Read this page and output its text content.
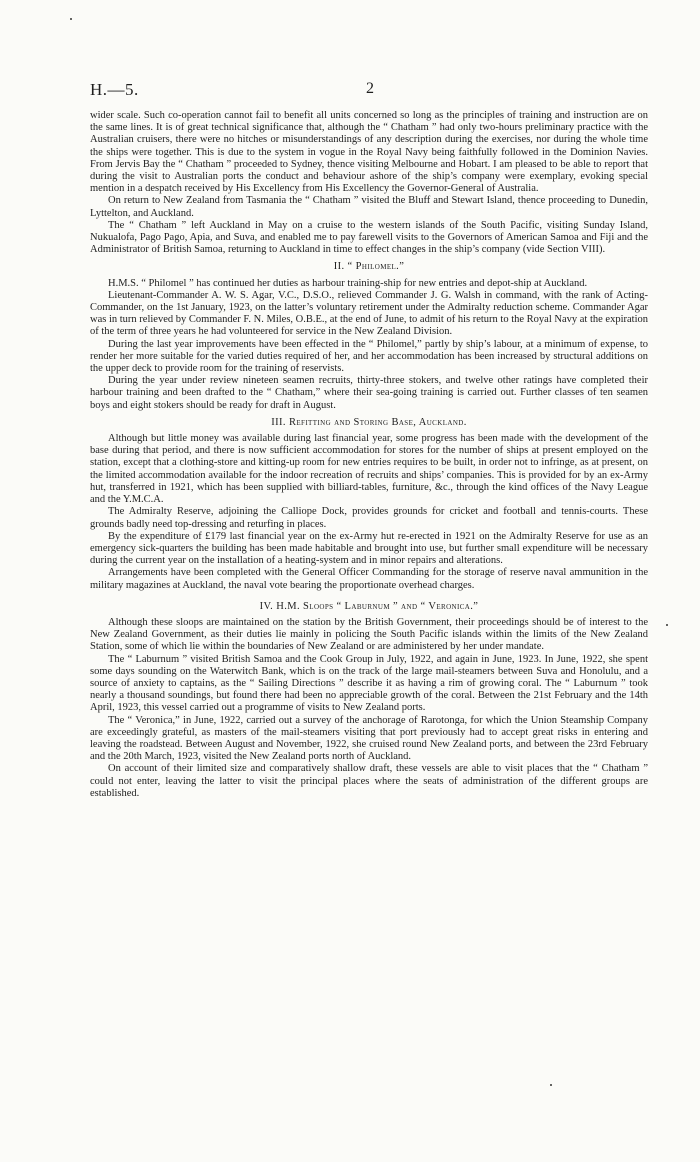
H.—5.	2

wider scale. Such co-operation cannot fail to benefit all units concerned so long as the principles of training and instruction are on the same lines. It is of great technical significance that, although the “ Chatham ” had only two-hours preliminary practice with the Australian cruisers, there were no hitches or misunderstandings of any description during the exercises, nor during the whole time the ships were together. This is due to the system in vogue in the Royal Navy being faithfully followed in the Dominion Navies. From Jervis Bay the “ Chatham ” proceeded to Sydney, thence visiting Melbourne and Hobart. I am pleased to be able to report that during the visit to Australian ports the conduct and behaviour ashore of the ship’s company were exemplary, evoking special mention in a despatch received by His Excellency from His Excellency the Governor-General of Australia.

On return to New Zealand from Tasmania the “ Chatham ” visited the Bluff and Stewart Island, thence proceeding to Dunedin, Lyttelton, and Auckland.

The “ Chatham ” left Auckland in May on a cruise to the western islands of the South Pacific, visiting Sunday Island, Nukualofa, Pago Pago, Apia, and Suva, and enabled me to pay farewell visits to the Governors of American Samoa and Fiji and the Administrator of British Samoa, returning to Auckland in time to effect changes in the ship’s company (vide Section VIII).

II. “ Philomel.”

H.M.S. “ Philomel ” has continued her duties as harbour training-ship for new entries and depot-ship at Auckland.

Lieutenant-Commander A. W. S. Agar, V.C., D.S.O., relieved Commander J. G. Walsh in command, with the rank of Acting-Commander, on the 1st January, 1923, on the latter’s voluntary retirement under the Admiralty reduction scheme. Commander Agar was in turn relieved by Commander F. N. Miles, O.B.E., at the end of June, to admit of his return to the Royal Navy at the expiration of the term of three years he had volunteered for service in the New Zealand Division.

During the last year improvements have been effected in the “ Philomel,” partly by ship’s labour, at a minimum of expense, to render her more suitable for the varied duties required of her, and her accommodation has been increased by structural additions on the upper deck to provide room for the training of reservists.

During the year under review nineteen seamen recruits, thirty-three stokers, and twelve other ratings have completed their harbour training and been drafted to the “ Chatham,” where their sea-going training is carried out. Further classes of ten seamen boys and eight stokers should be ready for draft in August.

III. Refitting and Storing Base, Auckland.

Although but little money was available during last financial year, some progress has been made with the development of the base during that period, and there is now sufficient accommodation for stores for the number of ships at present employed on the station, except that a clothing-store and kitting-up room for new entries requires to be built, in order not to infringe, as at present, on the limited accommodation available for the indoor recreation of recruits and ships’ companies. This is provided for by an ex-Army hut, transferred in 1921, which has been supplied with billiard-tables, furniture, &c., through the kind offices of the Navy League and the Y.M.C.A.

The Admiralty Reserve, adjoining the Calliope Dock, provides grounds for cricket and football and tennis-courts. These grounds badly need top-dressing and returfing in places.

By the expenditure of £179 last financial year on the ex-Army hut re-erected in 1921 on the Admiralty Reserve for use as an emergency sick-quarters the building has been made habitable and brought into use, but further small expenditure will be necessary during the current year on the installation of a heating-system and in minor repairs and alterations.

Arrangements have been completed with the General Officer Commanding for the storage of reserve naval ammunition in the military magazines at Auckland, the naval vote bearing the proportionate overhead charges.

IV. H.M. Sloops “ Laburnum ” and “ Veronica.”

Although these sloops are maintained on the station by the British Government, their proceedings should be of interest to the New Zealand Government, as their duties lie mainly in policing the South Pacific islands within the limits of the New Zealand Station, some of which lie within the boundaries of New Zealand or are administered by her under mandate.

The “ Laburnum ” visited British Samoa and the Cook Group in July, 1922, and again in June, 1923. In June, 1922, she spent some days sounding on the Waterwitch Bank, which is on the track of the large mail-steamers between Suva and Honolulu, and a source of anxiety to captains, as the “ Sailing Directions ” describe it as having a rim of growing coral. The “ Laburnum ” took nearly a thousand soundings, but found there had been no appreciable growth of the coral. Between the 21st February and the 14th April, 1923, this vessel carried out a programme of visits to New Zealand ports.

The “ Veronica,” in June, 1922, carried out a survey of the anchorage of Rarotonga, for which the Union Steamship Company are exceedingly grateful, as masters of the mail-steamers visiting that port previously had to accept great risks in entering and leaving the roadstead. Between August and November, 1922, she cruised round New Zealand ports, and between the 23rd February and the 20th March, 1923, visited the New Zealand ports north of Auckland.

On account of their limited size and comparatively shallow draft, these vessels are able to visit places that the “ Chatham ” could not enter, leaving the latter to visit the principal places where the seats of administration of the different groups are established.
